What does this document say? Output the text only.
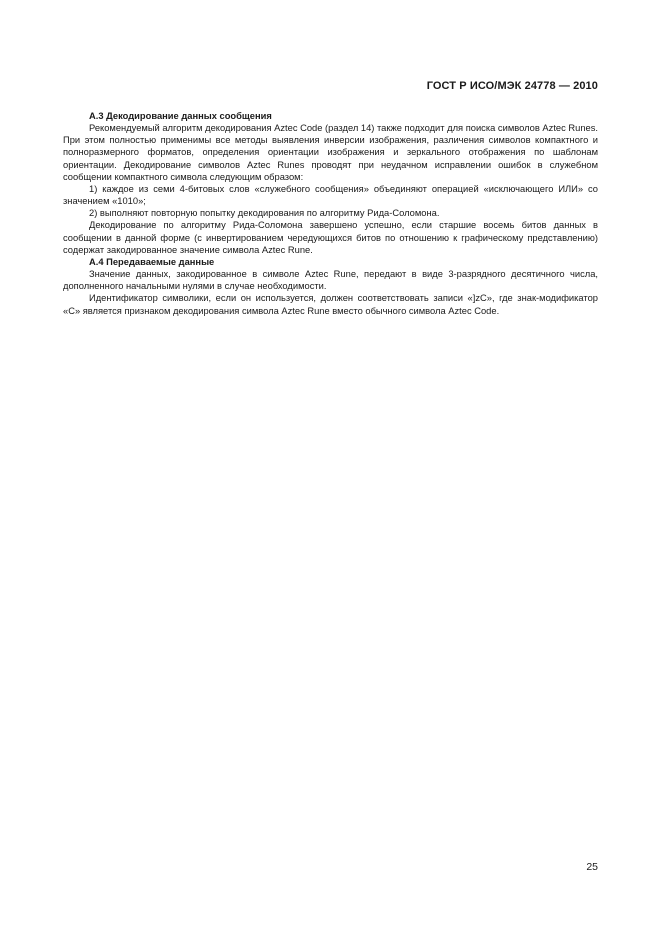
ГОСТ Р ИСО/МЭК 24778 — 2010

А.3 Декодирование данных сообщения

Рекомендуемый алгоритм декодирования Aztec Code (раздел 14) также подходит для поиска символов Aztec Runes. При этом полностью применимы все методы выявления инверсии изображения, различения символов компактного и полноразмерного форматов, определения ориентации изображения и зеркального отображения по шаблонам ориентации. Декодирование символов Aztec Runes проводят при неудачном исправлении ошибок в служебном сообщении компактного символа следующим образом:

1) каждое из семи 4-битовых слов «служебного сообщения» объединяют операцией «исключающего ИЛИ» со значением «1010»;

2) выполняют повторную попытку декодирования по алгоритму Рида-Соломона.

Декодирование по алгоритму Рида-Соломона завершено успешно, если старшие восемь битов данных в сообщении в данной форме (с инвертированием чередующихся битов по отношению к графическому представлению) содержат закодированное значение символа Aztec Rune.

А.4 Передаваемые данные

Значение данных, закодированное в символе Aztec Rune, передают в виде 3-разрядного десятичного числа, дополненного начальными нулями в случае необходимости.

Идентификатор символики, если он используется, должен соответствовать записи «]zC», где знак-модификатор «C» является признаком декодирования символа Aztec Rune вместо обычного символа Aztec Code.

25
